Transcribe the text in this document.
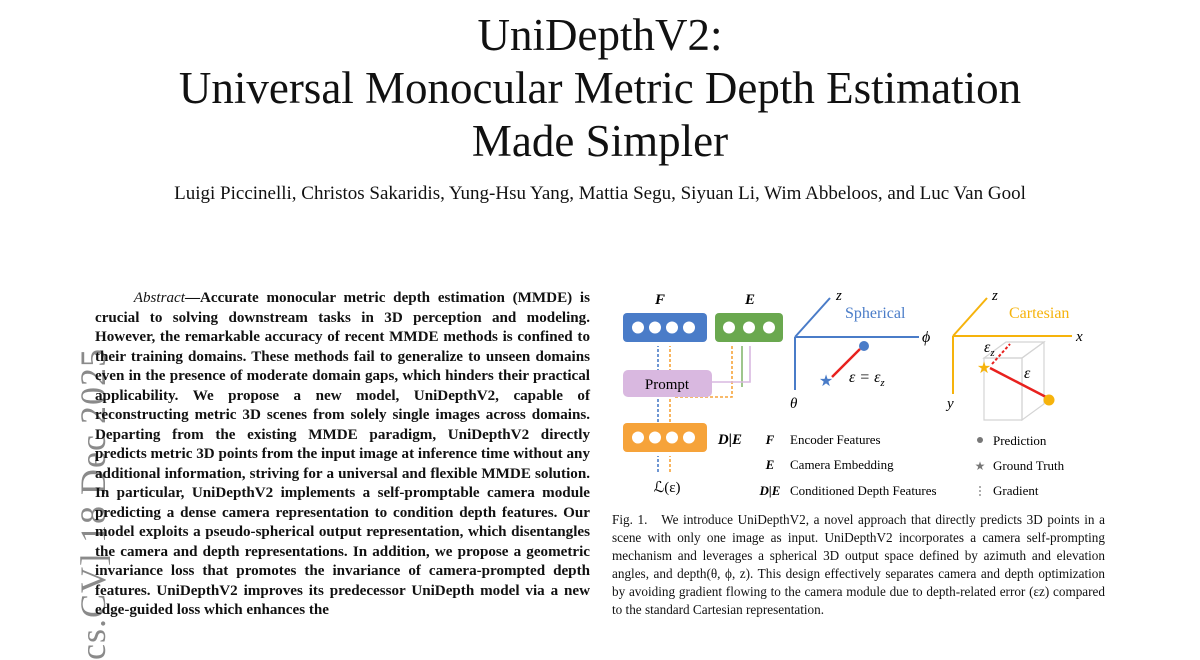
UniDepthV2:
Universal Monocular Metric Depth Estimation
Made Simpler
Luigi Piccinelli, Christos Sakaridis, Yung-Hsu Yang, Mattia Segu, Siyuan Li, Wim Abbeloos, and Luc Van Gool
cs.CV] 18 Dec 2025
Abstract—Accurate monocular metric depth estimation (MMDE) is crucial to solving downstream tasks in 3D perception and modeling. However, the remarkable accuracy of recent MMDE methods is confined to their training domains. These methods fail to generalize to unseen domains even in the presence of moderate domain gaps, which hinders their practical applicability. We propose a new model, UniDepthV2, capable of reconstructing metric 3D scenes from solely single images across domains. Departing from the existing MMDE paradigm, UniDepthV2 directly predicts metric 3D points from the input image at inference time without any additional information, striving for a universal and flexible MMDE solution. In particular, UniDepthV2 implements a self-promptable camera module predicting a dense camera representation to condition depth features. Our model exploits a pseudo-spherical output representation, which disentangles the camera and depth representations. In addition, we propose a geometric invariance loss that promotes the invariance of camera-prompted depth features. UniDepthV2 improves its predecessor UniDepth model via a new edge-guided loss which enhances the
F	E
Prompt
D|E
ℒ(ε)
z
Spherical
ϕ
θ
★ $\varepsilon = \varepsilon_z$
z
Cartesian
x
y
★
$\varepsilon_z$
ε
F Encoder Features
E Camera Embedding
D|E Conditioned Depth Features
Prediction
★ Ground Truth
Gradient
Fig. 1. We introduce UniDepthV2, a novel approach that directly predicts 3D points in a scene with only one image as input. UniDepthV2 incorporates a camera self-prompting mechanism and leverages a spherical 3D output space defined by azimuth and elevation angles, and depth(θ, ϕ, z). This design effectively separates camera and depth optimization by avoiding gradient flowing to the camera module due to depth-related error (εz) compared to the standard Cartesian representation.
